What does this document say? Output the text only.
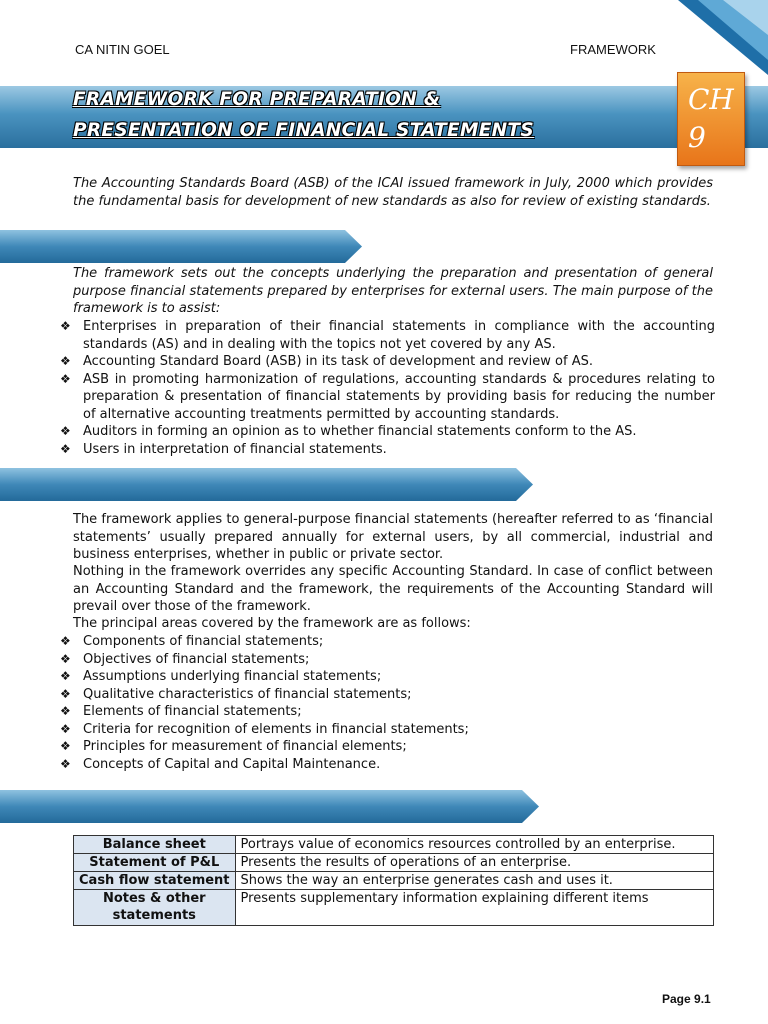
CA NITIN GOEL	FRAMEWORK
FRAMEWORK FOR PREPARATION &
PRESENTATION OF FINANCIAL STATEMENTS
CH
9
The Accounting Standards Board (ASB) of the ICAI issued framework in July, 2000 which provides the fundamental basis for development of new standards as also for review of existing standards.
The framework sets out the concepts underlying the preparation and presentation of general purpose financial statements prepared by enterprises for external users. The main purpose of the framework is to assist:
❖ Enterprises in preparation of their financial statements in compliance with the accounting standards (AS) and in dealing with the topics not yet covered by any AS.
❖ Accounting Standard Board (ASB) in its task of development and review of AS.
❖ ASB in promoting harmonization of regulations, accounting standards & procedures relating to preparation & presentation of financial statements by providing basis for reducing the number of alternative accounting treatments permitted by accounting standards.
❖ Auditors in forming an opinion as to whether financial statements conform to the AS.
❖ Users in interpretation of financial statements.
The framework applies to general-purpose financial statements (hereafter referred to as ‘financial statements’ usually prepared annually for external users, by all commercial, industrial and business enterprises, whether in public or private sector.
Nothing in the framework overrides any specific Accounting Standard. In case of conflict between an Accounting Standard and the framework, the requirements of the Accounting Standard will prevail over those of the framework.
The principal areas covered by the framework are as follows:
❖ Components of financial statements;
❖ Objectives of financial statements;
❖ Assumptions underlying financial statements;
❖ Qualitative characteristics of financial statements;
❖ Elements of financial statements;
❖ Criteria for recognition of elements in financial statements;
❖ Principles for measurement of financial elements;
❖ Concepts of Capital and Capital Maintenance.
Balance sheet	Portrays value of economics resources controlled by an enterprise.
Statement of P&L	Presents the results of operations of an enterprise.
Cash flow statement	Shows the way an enterprise generates cash and uses it.
Notes & other statements	Presents supplementary information explaining different items
Page 9.1
